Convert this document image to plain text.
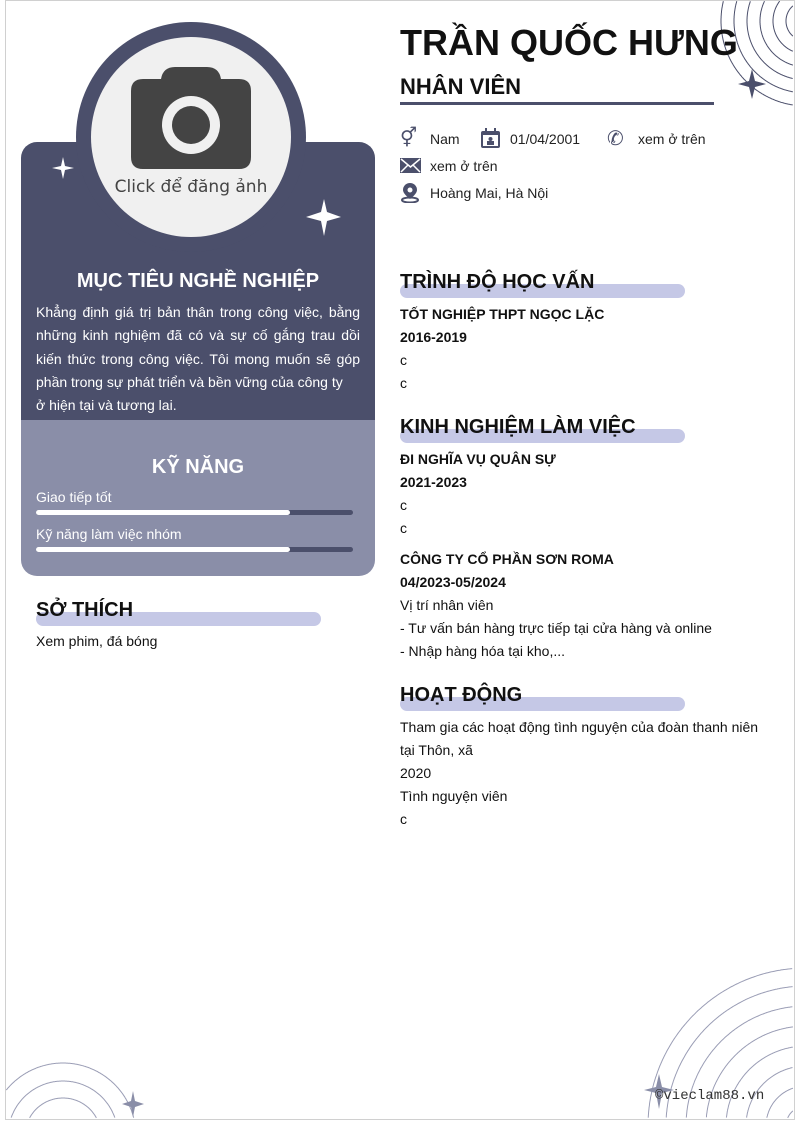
Click để đăng ảnh
MỤC TIÊU NGHỀ NGHIỆP
Khẳng định giá trị bản thân trong công việc, bằng những kinh nghiệm đã có và sự cố gắng trau dồi kiến thức trong công việc. Tôi mong muốn sẽ góp phần trong sự phát triển và bền vững của công ty
ở hiện tại và tương lai.
KỸ NĂNG
Giao tiếp tốt
Kỹ năng làm việc nhóm
SỞ THÍCH
Xem phim, đá bóng
TRẦN QUỐC HƯNG
NHÂN VIÊN
⚥ Nam	01/04/2001 ✆ xem ở trên
xem ở trên
Hoàng Mai, Hà Nội
TRÌNH ĐỘ HỌC VẤN
TỐT NGHIỆP THPT NGỌC LẶC
2016-2019
c
c
KINH NGHIỆM LÀM VIỆC
ĐI NGHĨA VỤ QUÂN SỰ
2021-2023
c
c
CÔNG TY CỔ PHẦN SƠN ROMA
04/2023-05/2024
Vị trí nhân viên
- Tư vấn bán hàng trực tiếp tại cửa hàng và online
- Nhập hàng hóa tại kho,...
HOẠT ĐỘNG
Tham gia các hoạt động tình nguyện của đoàn thanh niên tại Thôn, xã
2020
Tình nguyện viên
c
©vieclam88.vn
